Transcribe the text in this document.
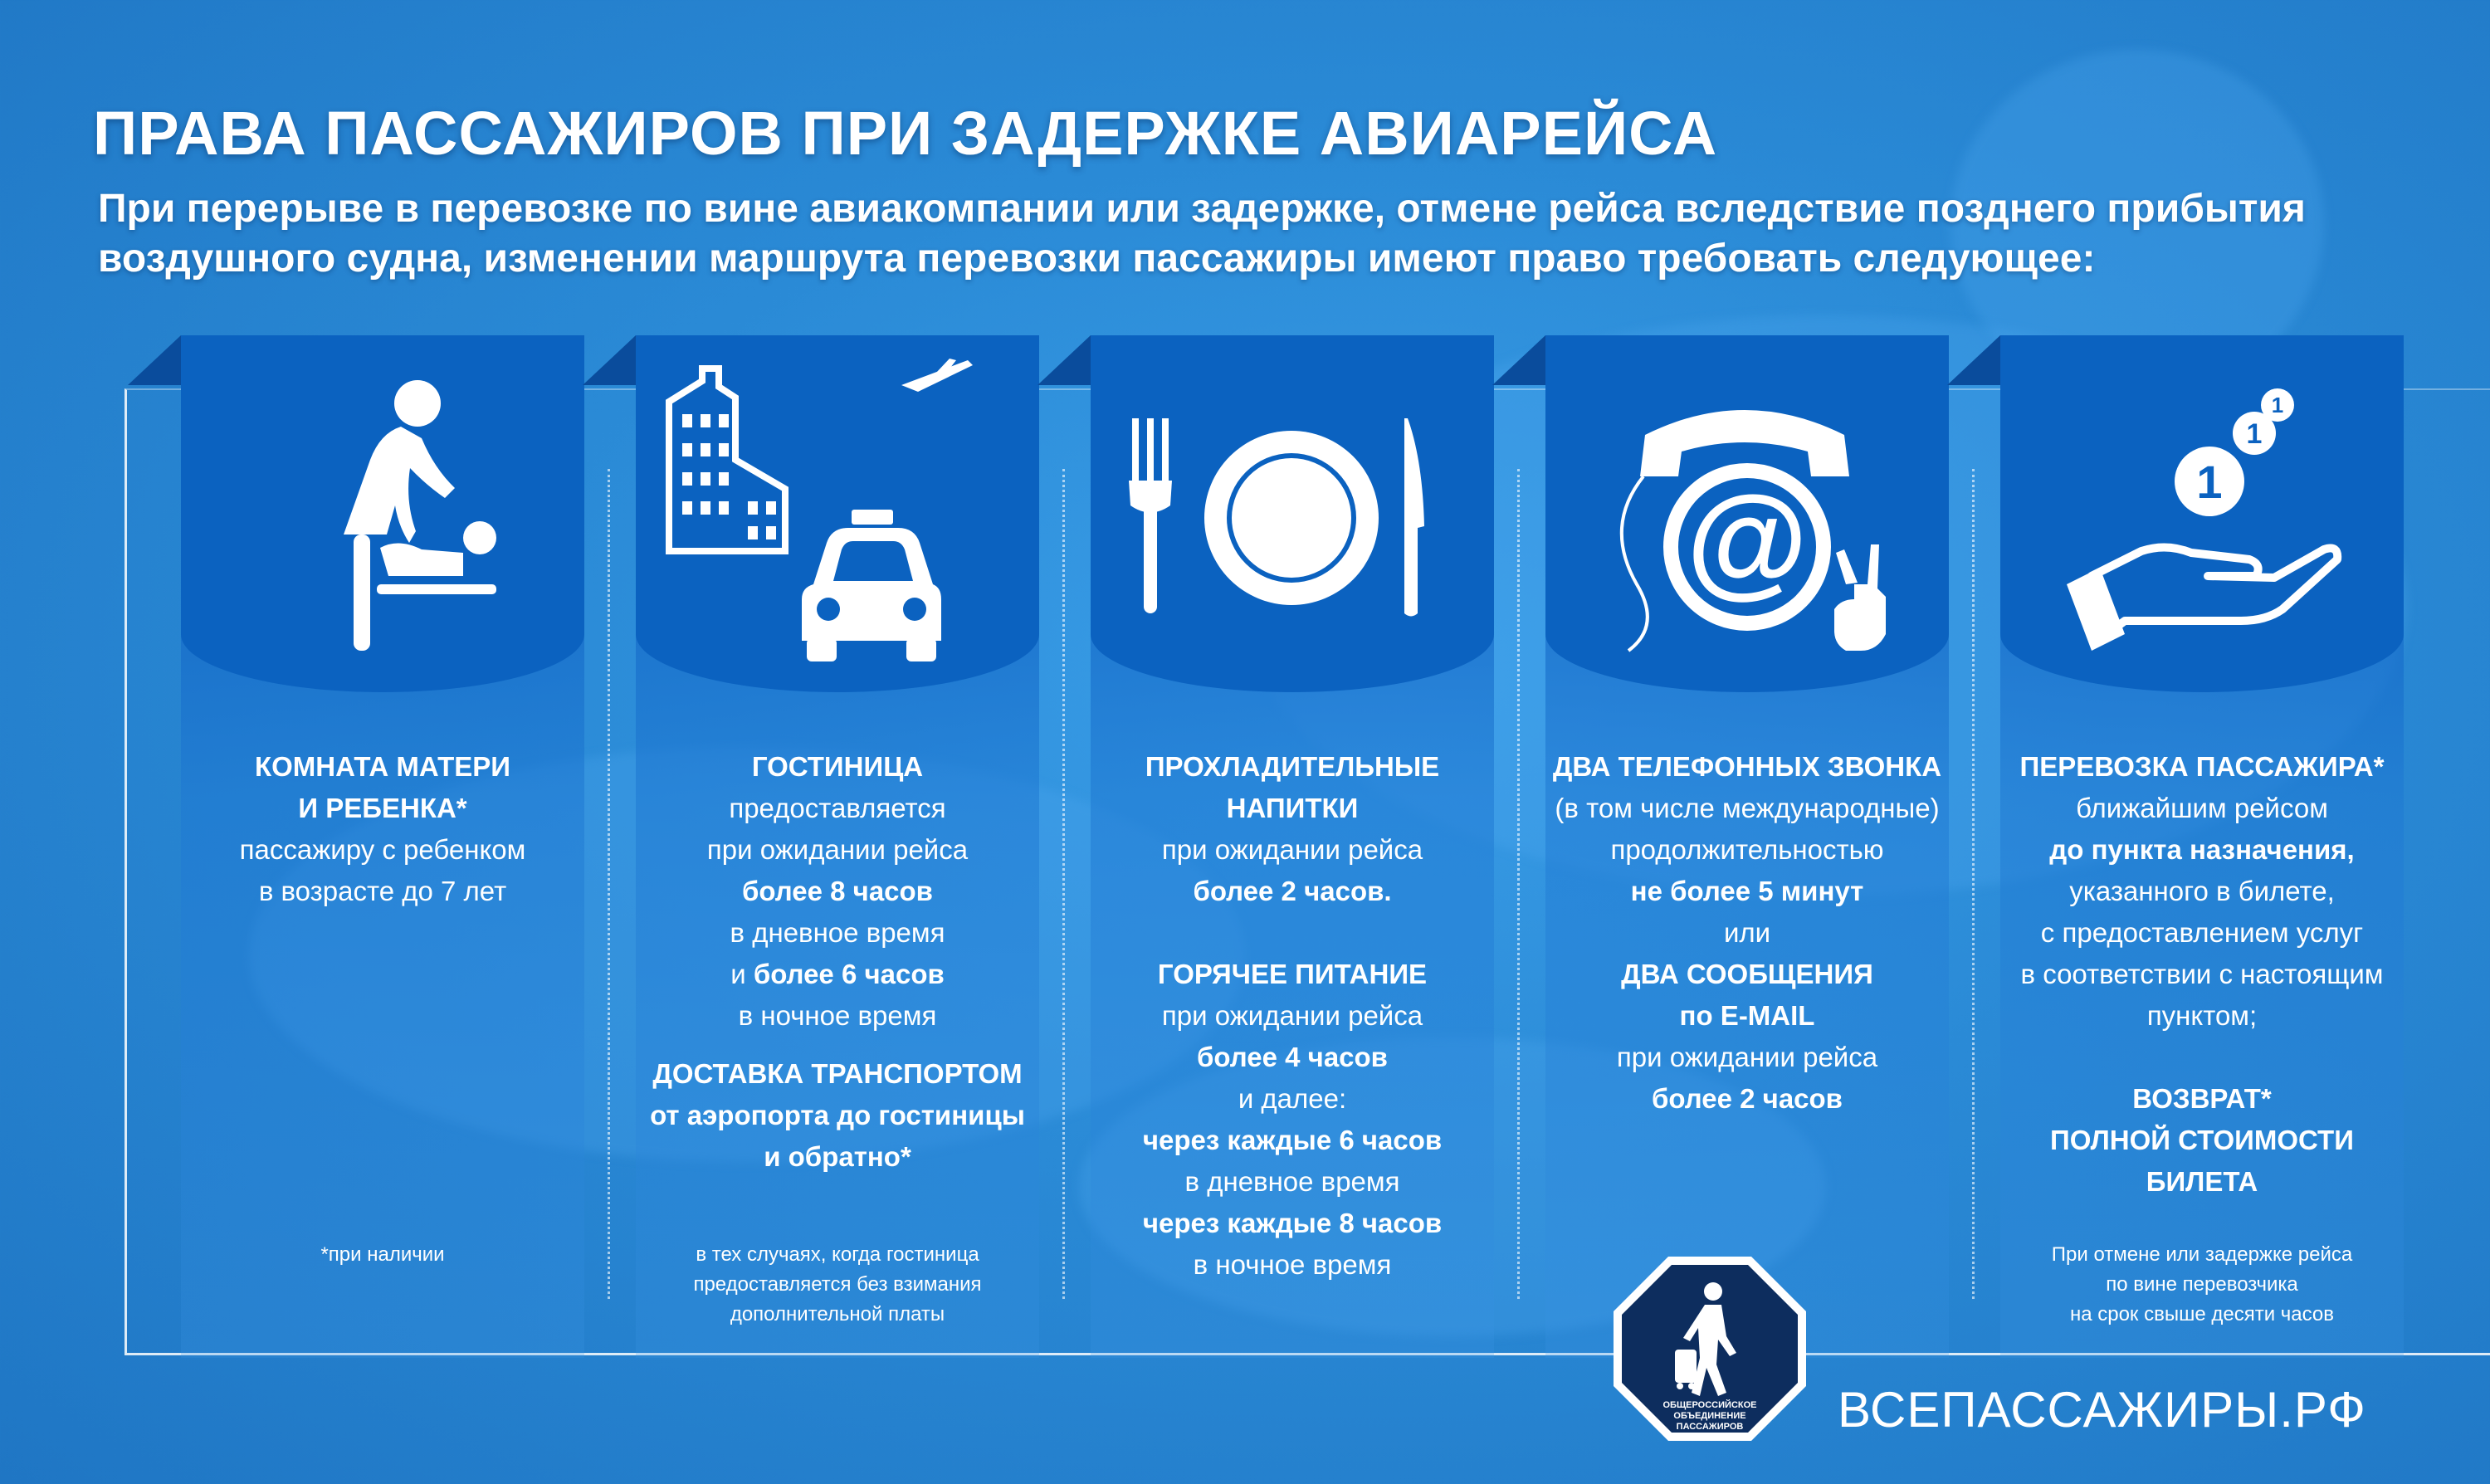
ПРАВА ПАССАЖИРОВ ПРИ ЗАДЕРЖКЕ АВИАРЕЙСА

При перерыве в перевозке по вине авиакомпании или задержке, отмене рейса вследствие позднего прибытия воздушного судна, изменении маршрута перевозки пассажиры имеют право требовать следующее:

КОМНАТА МАТЕРИ
И РЕБЕНКА*
пассажиру с ребенком
в возрасте до 7 лет
*при наличии
ГОСТИНИЦА
предоставляется
при ожидании рейса
более 8 часов
в дневное время
и более 6 часов
в ночное время
ДОСТАВКА ТРАНСПОРТОМ
от аэропорта до гостиницы
и обратно*
в тех случаях, когда гостиница
предоставляется без взимания
дополнительной платы
ПРОХЛАДИТЕЛЬНЫЕ
НАПИТКИ
при ожидании рейса
более 2 часов.
ГОРЯЧЕЕ ПИТАНИЕ
при ожидании рейса
более 4 часов
и далее:
через каждые 6 часов
в дневное время
через каждые 8 часов
в ночное время
@
ДВА ТЕЛЕФОННЫХ ЗВОНКА
(в том числе международные)
продолжительностью
не более 5 минут
или
ДВА СООБЩЕНИЯ
по E-MAIL
при ожидании рейса
более 2 часов
1
1
1
ПЕРЕВОЗКА ПАССАЖИРА*
ближайшим рейсом
до пункта назначения,
указанного в билете,
с предоставлением услуг
в соответствии с настоящим
пунктом;
ВОЗВРАТ*
ПОЛНОЙ СТОИМОСТИ
БИЛЕТА
При отмене или задержке рейса
по вине перевозчика
на срок свыше десяти часов
ОБЩЕРОССИЙСКОЕ
ОБЪЕДИНЕНИЕ
ПАССАЖИРОВ ВСЕПАССАЖИРЫ.РФ
